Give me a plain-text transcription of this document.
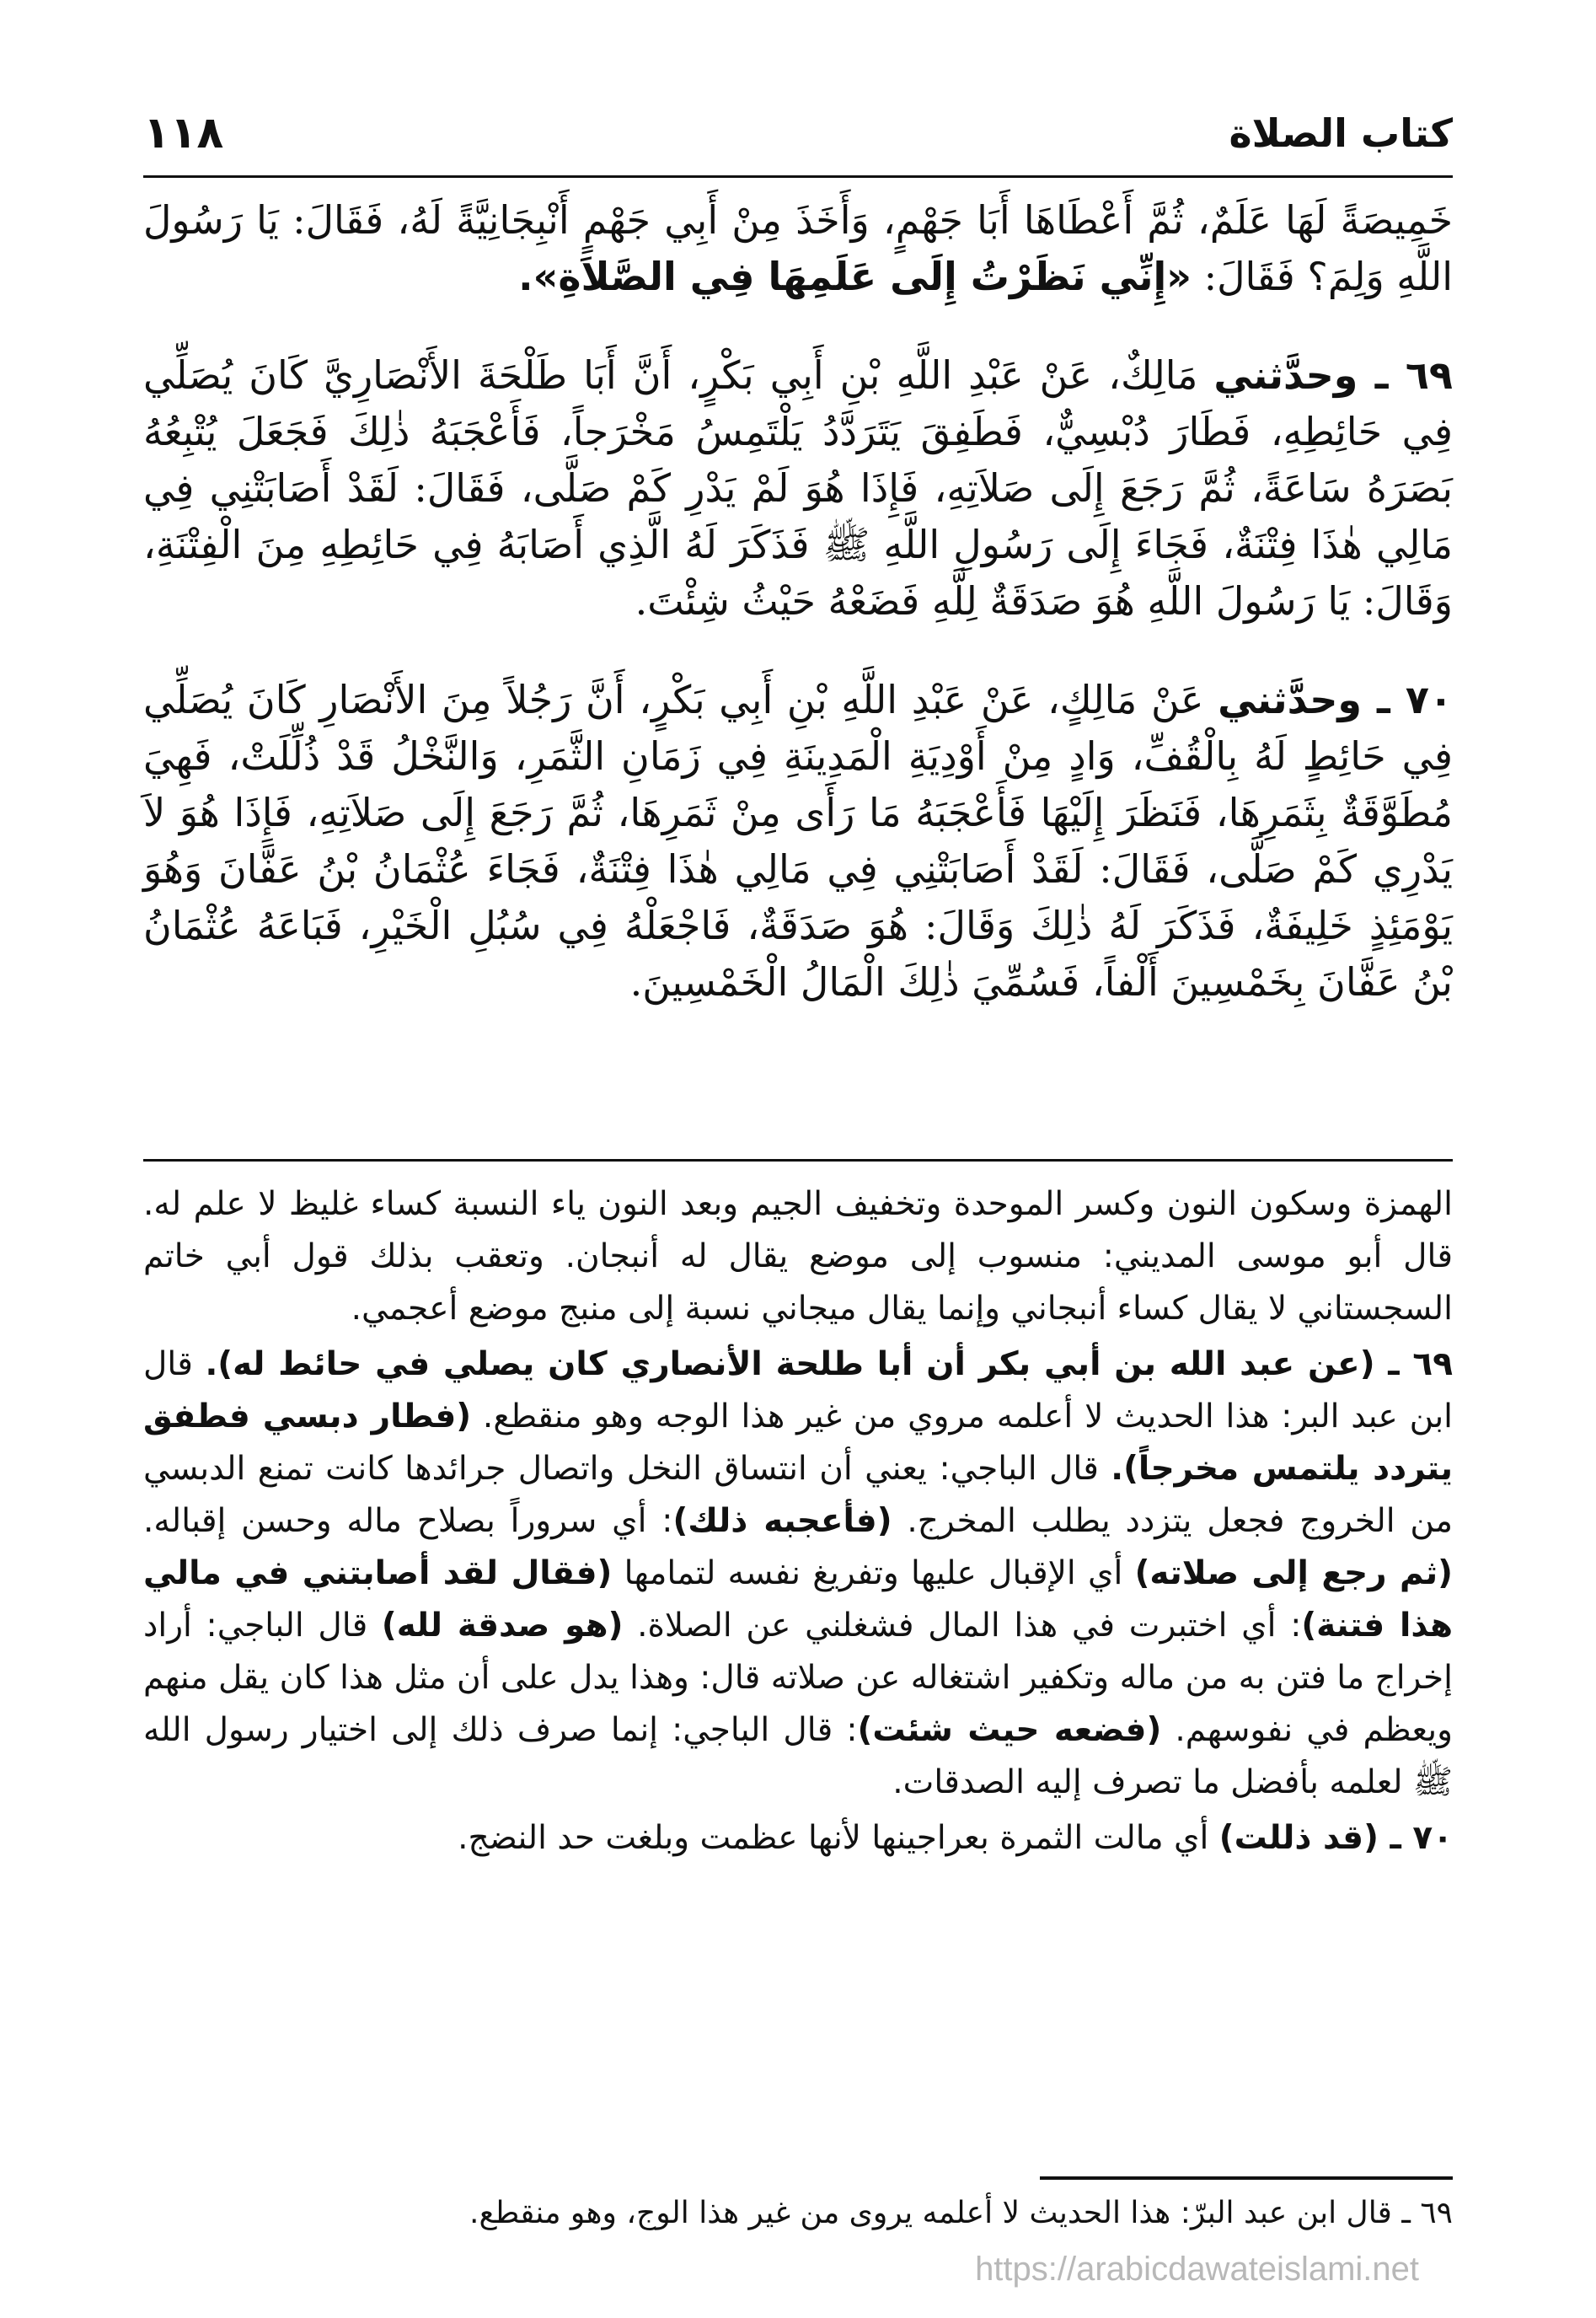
١١٨	كتاب الصلاة

خَمِيصَةً لَهَا عَلَمٌ، ثُمَّ أَعْطَاهَا أَبَا جَهْمٍ، وَأَخَذَ مِنْ أَبِي جَهْمٍ أَنْبِجَانِيَّةً لَهُ، فَقَالَ: يَا رَسُولَ اللَّهِ وَلِمَ؟ فَقَالَ: «إِنِّي نَظَرْتُ إِلَى عَلَمِهَا فِي الصَّلاَةِ».

٦٩ ـ وحدَّثني مَالِكٌ، عَنْ عَبْدِ اللَّهِ بْنِ أَبِي بَكْرٍ، أَنَّ أَبَا طَلْحَةَ الأَنْصَارِيَّ كَانَ يُصَلِّي فِي حَائِطِهِ، فَطَارَ دُبْسِيٌّ، فَطَفِقَ يَتَرَدَّدُ يَلْتَمِسُ مَخْرَجاً، فَأَعْجَبَهُ ذٰلِكَ فَجَعَلَ يُتْبِعُهُ بَصَرَهُ سَاعَةً، ثُمَّ رَجَعَ إِلَى صَلاَتِهِ، فَإِذَا هُوَ لَمْ يَدْرِ كَمْ صَلَّى، فَقَالَ: لَقَدْ أَصَابَتْنِي فِي مَالِي هٰذَا فِتْنَةٌ، فَجَاءَ إِلَى رَسُولِ اللَّهِ ﷺ فَذَكَرَ لَهُ الَّذِي أَصَابَهُ فِي حَائِطِهِ مِنَ الْفِتْنَةِ، وَقَالَ: يَا رَسُولَ اللَّهِ هُوَ صَدَقَةٌ لِلَّهِ فَضَعْهُ حَيْثُ شِئْتَ.

٧٠ ـ وحدَّثني عَنْ مَالِكٍ، عَنْ عَبْدِ اللَّهِ بْنِ أَبِي بَكْرٍ، أَنَّ رَجُلاً مِنَ الأَنْصَارِ كَانَ يُصَلِّي فِي حَائِطٍ لَهُ بِالْقُفِّ، وَادٍ مِنْ أَوْدِيَةِ الْمَدِينَةِ فِي زَمَانِ الثَّمَرِ، وَالنَّخْلُ قَدْ ذُلِّلَتْ، فَهِيَ مُطَوَّقَةٌ بِثَمَرِهَا، فَنَظَرَ إِلَيْهَا فَأَعْجَبَهُ مَا رَأَى مِنْ ثَمَرِهَا، ثُمَّ رَجَعَ إِلَى صَلاَتِهِ، فَإِذَا هُوَ لاَ يَدْرِي كَمْ صَلَّى، فَقَالَ: لَقَدْ أَصَابَتْنِي فِي مَالِي هٰذَا فِتْنَةٌ، فَجَاءَ عُثْمَانُ بْنُ عَفَّانَ وَهُوَ يَوْمَئِذٍ خَلِيفَةٌ، فَذَكَرَ لَهُ ذٰلِكَ وَقَالَ: هُوَ صَدَقَةٌ، فَاجْعَلْهُ فِي سُبُلِ الْخَيْرِ، فَبَاعَهُ عُثْمَانُ بْنُ عَفَّانَ بِخَمْسِينَ أَلْفاً، فَسُمِّيَ ذٰلِكَ الْمَالُ الْخَمْسِينَ.

الهمزة وسكون النون وكسر الموحدة وتخفيف الجيم وبعد النون ياء النسبة كساء غليظ لا علم له. قال أبو موسى المديني: منسوب إلى موضع يقال له أنبجان. وتعقب بذلك قول أبي خاتم السجستاني لا يقال كساء أنبجاني وإنما يقال ميجاني نسبة إلى منبج موضع أعجمي.

٦٩ ـ (عن عبد الله بن أبي بكر أن أبا طلحة الأنصاري كان يصلي في حائط له). قال ابن عبد البر: هذا الحديث لا أعلمه مروي من غير هذا الوجه وهو منقطع. (فطار دبسي فطفق يتردد يلتمس مخرجاً). قال الباجي: يعني أن انتساق النخل واتصال جرائدها كانت تمنع الدبسي من الخروج فجعل يتزدد يطلب المخرج. (فأعجبه ذلك): أي سروراً بصلاح ماله وحسن إقباله. (ثم رجع إلى صلاته) أي الإقبال عليها وتفريغ نفسه لتمامها (فقال لقد أصابتني في مالي هذا فتنة): أي اختبرت في هذا المال فشغلني عن الصلاة. (هو صدقة لله) قال الباجي: أراد إخراج ما فتن به من ماله وتكفير اشتغاله عن صلاته قال: وهذا يدل على أن مثل هذا كان يقل منهم ويعظم في نفوسهم. (فضعه حيث شئت): قال الباجي: إنما صرف ذلك إلى اختيار رسول الله ﷺ لعلمه بأفضل ما تصرف إليه الصدقات.

٧٠ ـ (قد ذللت) أي مالت الثمرة بعراجينها لأنها عظمت وبلغت حد النضج.

٦٩ ـ قال ابن عبد البرّ: هذا الحديث لا أعلمه يروى من غير هذا الوج، وهو منقطع.
https://arabicdawateislami.net
